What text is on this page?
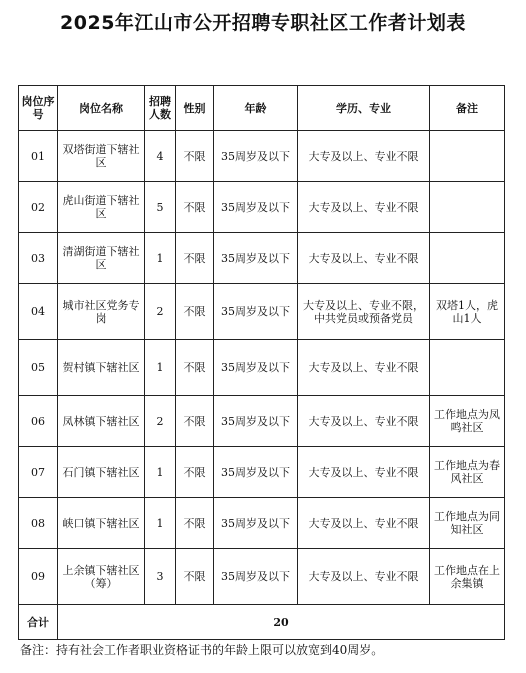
2025年江山市公开招聘专职社区工作者计划表
岗位序号	岗位名称	招聘人数	性别	年龄	学历、专业	备注
01	双塔街道下辖社区	4	不限	35周岁及以下	大专及以上、专业不限	
02	虎山街道下辖社区	5	不限	35周岁及以下	大专及以上、专业不限	
03	清湖街道下辖社区	1	不限	35周岁及以下	大专及以上、专业不限	
04	城市社区党务专岗	2	不限	35周岁及以下	大专及以上、专业不限，中共党员或预备党员	双塔1人，虎山1人
05	贺村镇下辖社区	1	不限	35周岁及以下	大专及以上、专业不限	
06	凤林镇下辖社区	2	不限	35周岁及以下	大专及以上、专业不限	工作地点为凤鸣社区
07	石门镇下辖社区	1	不限	35周岁及以下	大专及以上、专业不限	工作地点为春风社区
08	峡口镇下辖社区	1	不限	35周岁及以下	大专及以上、专业不限	工作地点为同知社区
09	上余镇下辖社区（筹）	3	不限	35周岁及以下	大专及以上、专业不限	工作地点在上余集镇
合计	20					
备注：持有社会工作者职业资格证书的年龄上限可以放宽到40周岁。
